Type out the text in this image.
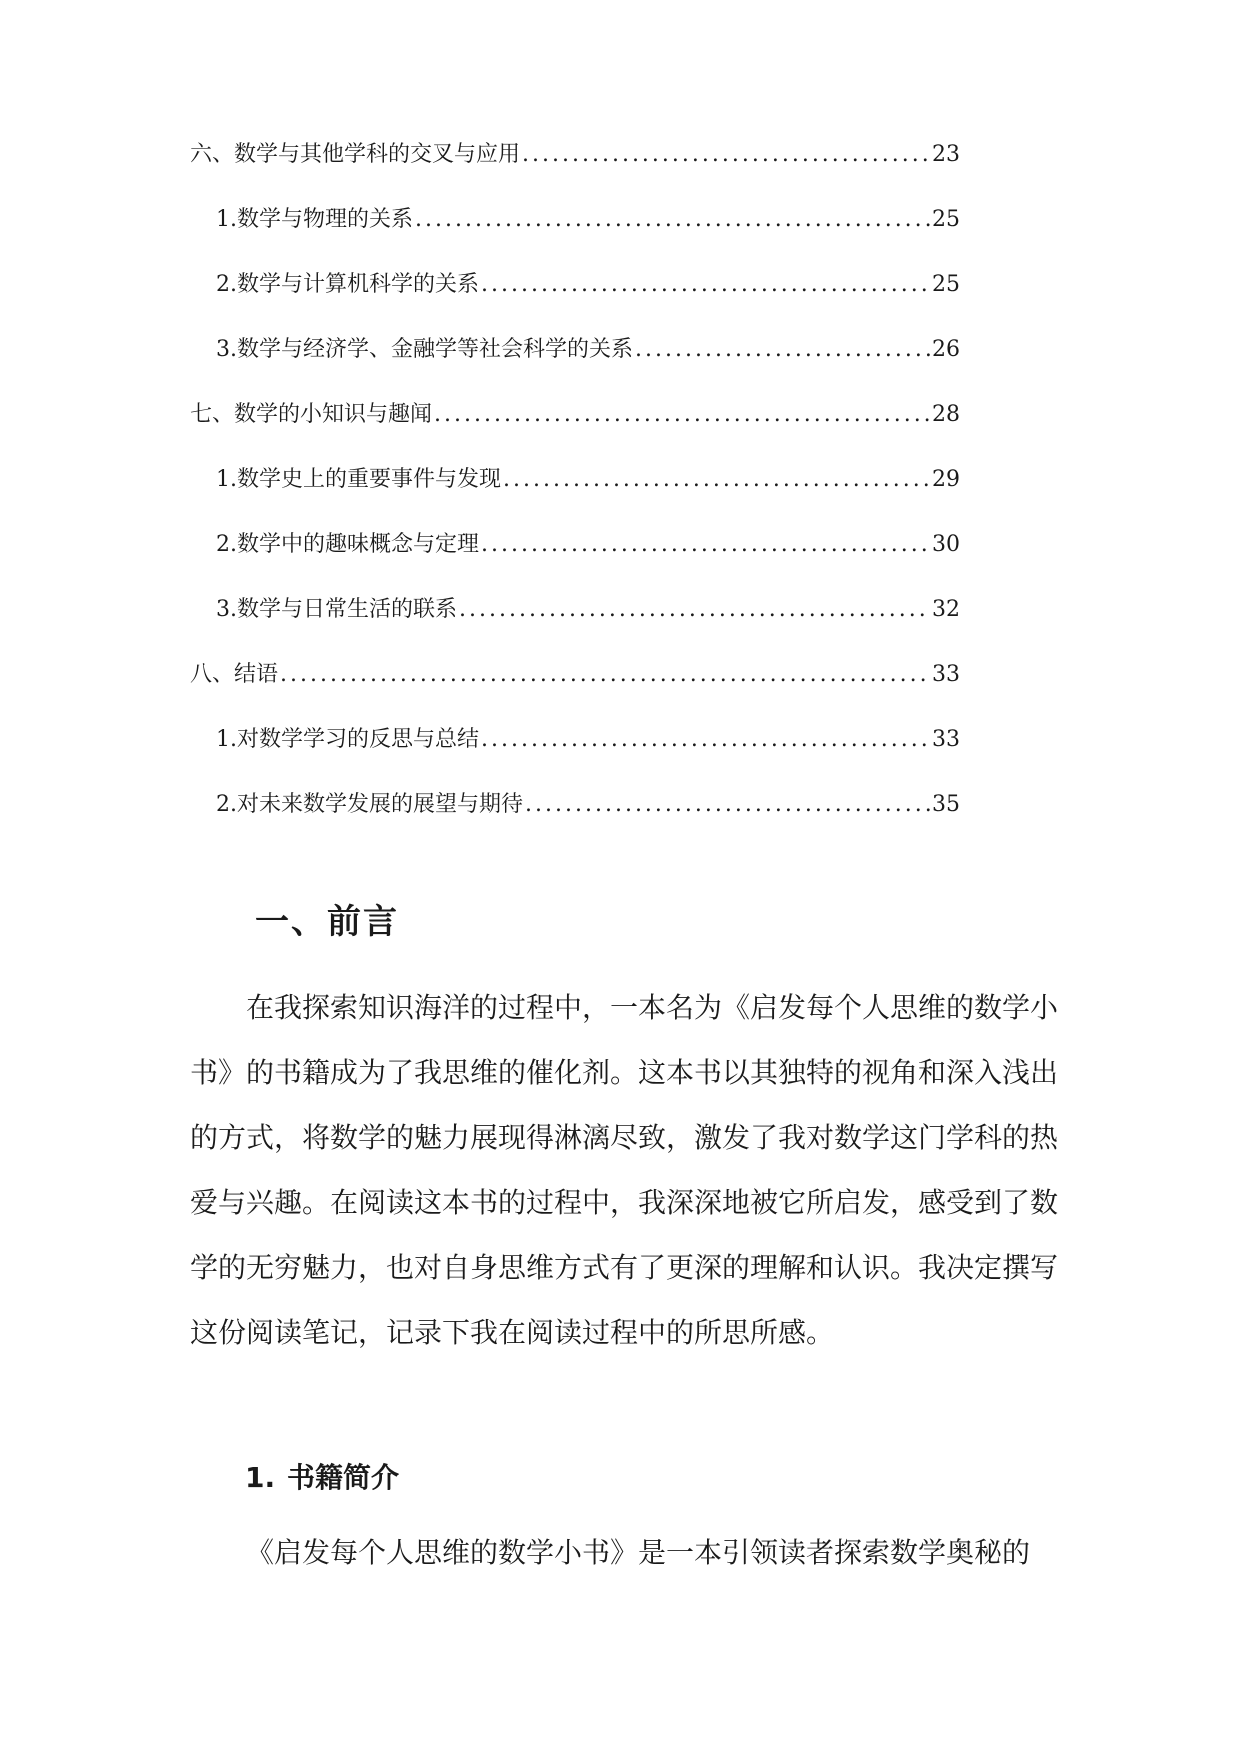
六、数学与其他学科的交叉与应用 .....	23
1. 数学与物理的关系 .....	25
2. 数学与计算机科学的关系 .....	25
3. 数学与经济学、金融学等社会科学的关系 .....	26
七、数学的小知识与趣闻 .....	28
1. 数学史上的重要事件与发现 .....	29
2. 数学中的趣味概念与定理 .....	30
3. 数学与日常生活的联系 .....	32
八、结语 .....	33
1. 对数学学习的反思与总结 .....	33
2. 对未来数学发展的展望与期待 .....	35
一、前言

在我探索知识海洋的过程中，一本名为《启发每个人思维的数学小书》的书籍成为了我思维的催化剂。这本书以其独特的视角和深入浅出的方式，将数学的魅力展现得淋漓尽致，激发了我对数学这门学科的热爱与兴趣。在阅读这本书的过程中，我深深地被它所启发，感受到了数学的无穷魅力，也对自身思维方式有了更深的理解和认识。我决定撰写这份阅读笔记，记录下我在阅读过程中的所思所感。

1. 书籍简介

《启发每个人思维的数学小书》是一本引领读者探索数学奥秘的
